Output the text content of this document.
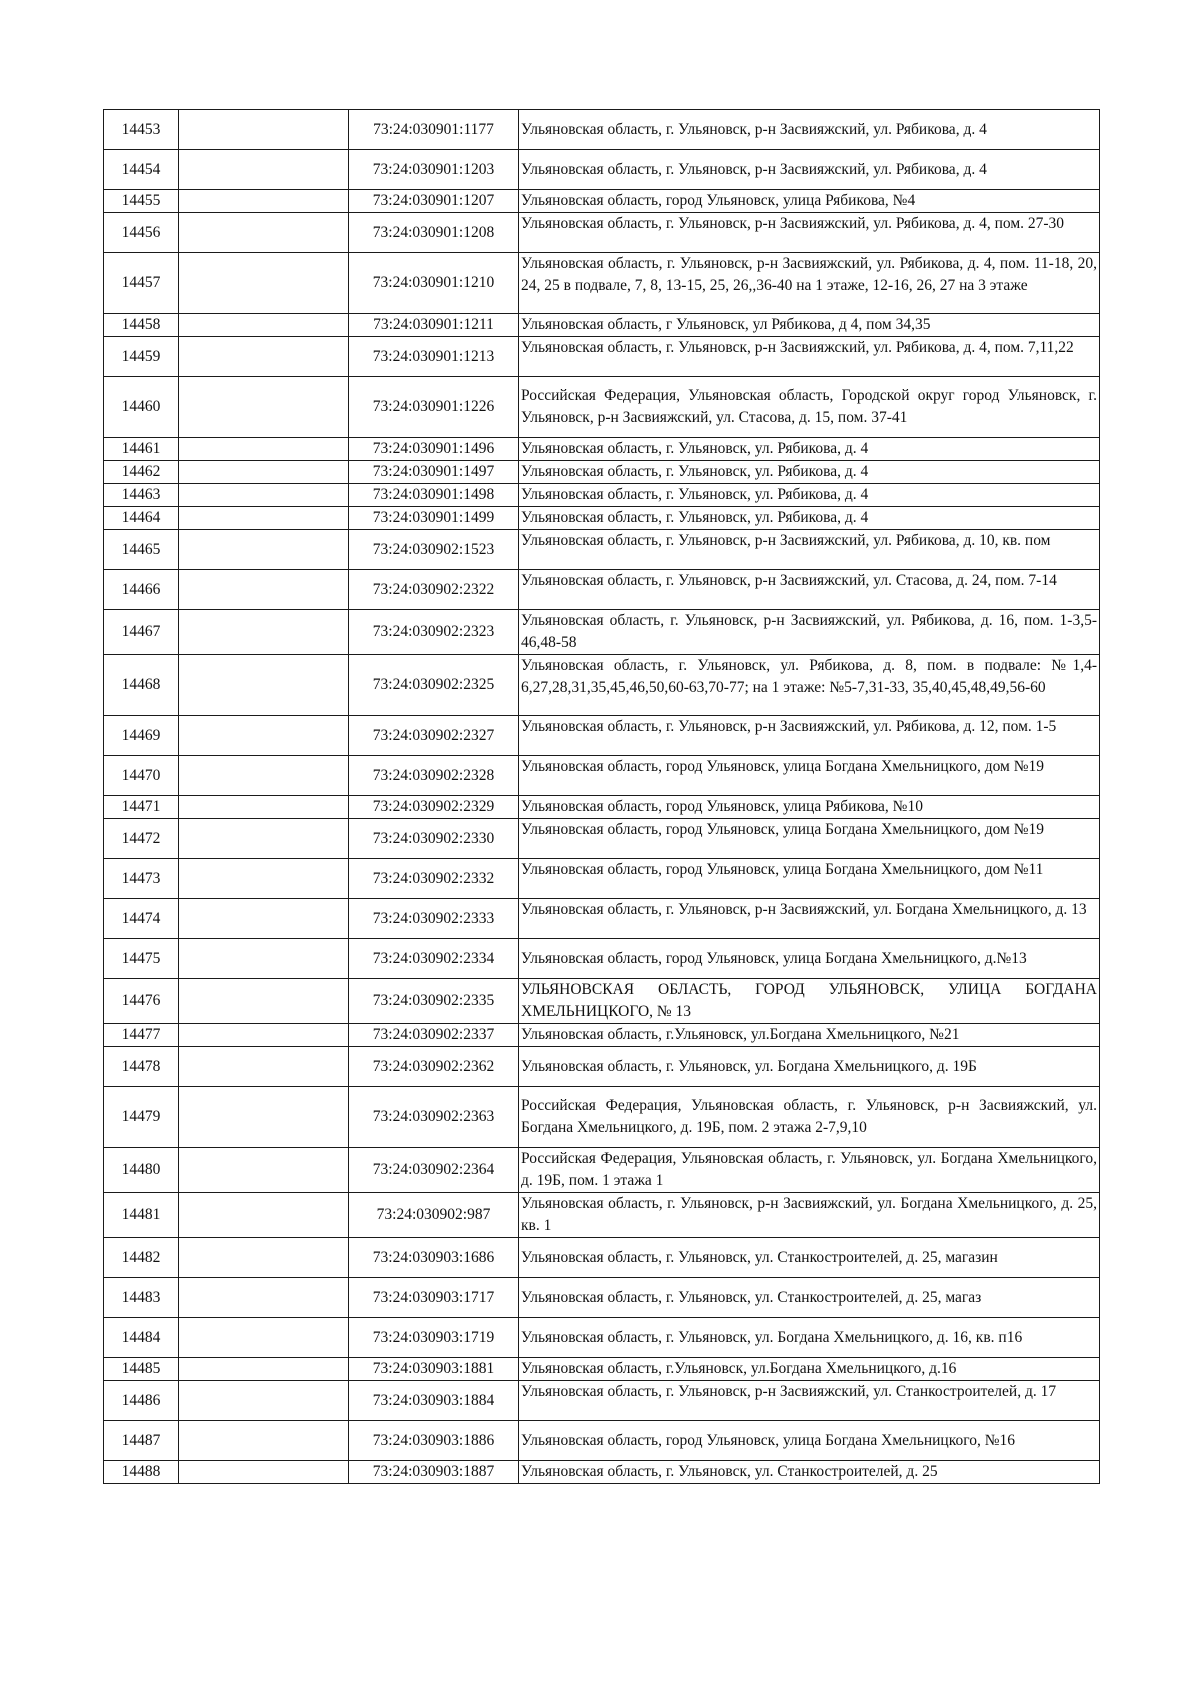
14453		73:24:030901:1177	Ульяновская область, г. Ульяновск, р-н Засвияжский, ул. Рябикова, д. 4
14454		73:24:030901:1203	Ульяновская область, г. Ульяновск, р-н Засвияжский, ул. Рябикова, д. 4
14455		73:24:030901:1207	Ульяновская область, город Ульяновск, улица Рябикова, №4
14456		73:24:030901:1208	Ульяновская область, г. Ульяновск, р-н Засвияжский, ул. Рябикова, д. 4, пом. 27-30
14457		73:24:030901:1210	Ульяновская область, г. Ульяновск, р-н Засвияжский, ул. Рябикова, д. 4, пом. 11-18, 20, 24, 25 в подвале, 7, 8, 13-15, 25, 26,,36-40 на 1 этаже, 12-16, 26, 27 на 3 этаже
14458		73:24:030901:1211	Ульяновская область, г Ульяновск, ул Рябикова, д 4, пом 34,35
14459		73:24:030901:1213	Ульяновская область, г. Ульяновск, р-н Засвияжский, ул. Рябикова, д. 4, пом. 7,11,22
14460		73:24:030901:1226	Российская Федерация, Ульяновская область, Городской округ город Ульяновск, г. Ульяновск, р-н Засвияжский, ул. Стасова, д. 15, пом. 37-41
14461		73:24:030901:1496	Ульяновская область, г. Ульяновск, ул. Рябикова, д. 4
14462		73:24:030901:1497	Ульяновская область, г. Ульяновск, ул. Рябикова, д. 4
14463		73:24:030901:1498	Ульяновская область, г. Ульяновск, ул. Рябикова, д. 4
14464		73:24:030901:1499	Ульяновская область, г. Ульяновск, ул. Рябикова, д. 4
14465		73:24:030902:1523	Ульяновская область, г. Ульяновск, р-н Засвияжский, ул. Рябикова, д. 10, кв. пом
14466		73:24:030902:2322	Ульяновская область, г. Ульяновск, р-н Засвияжский, ул. Стасова, д. 24, пом. 7-14
14467		73:24:030902:2323	Ульяновская область, г. Ульяновск, р-н Засвияжский, ул. Рябикова, д. 16, пом. 1-3,5-46,48-58
14468		73:24:030902:2325	Ульяновская область, г. Ульяновск, ул. Рябикова, д. 8, пом. в подвале: №1,4-6,27,28,31,35,45,46,50,60-63,70-77; на 1 этаже: №5-7,31-33, 35,40,45,48,49,56-60
14469		73:24:030902:2327	Ульяновская область, г. Ульяновск, р-н Засвияжский, ул. Рябикова, д. 12, пом. 1-5
14470		73:24:030902:2328	Ульяновская область, город Ульяновск, улица Богдана Хмельницкого, дом №19
14471		73:24:030902:2329	Ульяновская область, город Ульяновск, улица Рябикова, №10
14472		73:24:030902:2330	Ульяновская область, город Ульяновск, улица Богдана Хмельницкого, дом №19
14473		73:24:030902:2332	Ульяновская область, город Ульяновск, улица Богдана Хмельницкого, дом №11
14474		73:24:030902:2333	Ульяновская область, г. Ульяновск, р-н Засвияжский, ул. Богдана Хмельницкого, д. 13
14475		73:24:030902:2334	Ульяновская область, город Ульяновск, улица Богдана Хмельницкого, д.№13
14476		73:24:030902:2335	УЛЬЯНОВСКАЯ ОБЛАСТЬ, ГОРОД УЛЬЯНОВСК, УЛИЦА БОГДАНА ХМЕЛЬНИЦКОГО, № 13
14477		73:24:030902:2337	Ульяновская область, г.Ульяновск, ул.Богдана Хмельницкого, №21
14478		73:24:030902:2362	Ульяновская область, г. Ульяновск, ул. Богдана Хмельницкого, д. 19Б
14479		73:24:030902:2363	Российская Федерация, Ульяновская область, г. Ульяновск, р-н Засвияжский, ул. Богдана Хмельницкого, д. 19Б, пом. 2 этажа 2-7,9,10
14480		73:24:030902:2364	Российская Федерация, Ульяновская область, г. Ульяновск, ул. Богдана Хмельницкого, д. 19Б, пом. 1 этажа 1
14481		73:24:030902:987	Ульяновская область, г. Ульяновск, р-н Засвияжский, ул. Богдана Хмельницкого, д. 25, кв. 1
14482		73:24:030903:1686	Ульяновская область, г. Ульяновск, ул. Станкостроителей, д. 25, магазин
14483		73:24:030903:1717	Ульяновская область, г. Ульяновск, ул. Станкостроителей, д. 25, магаз
14484		73:24:030903:1719	Ульяновская область, г. Ульяновск, ул. Богдана Хмельницкого, д. 16, кв. п16
14485		73:24:030903:1881	Ульяновская область, г.Ульяновск, ул.Богдана Хмельницкого, д.16
14486		73:24:030903:1884	Ульяновская область, г. Ульяновск, р-н Засвияжский, ул. Станкостроителей, д. 17
14487		73:24:030903:1886	Ульяновская область, город Ульяновск, улица Богдана Хмельницкого, №16
14488		73:24:030903:1887	Ульяновская область, г. Ульяновск, ул. Станкостроителей, д. 25
